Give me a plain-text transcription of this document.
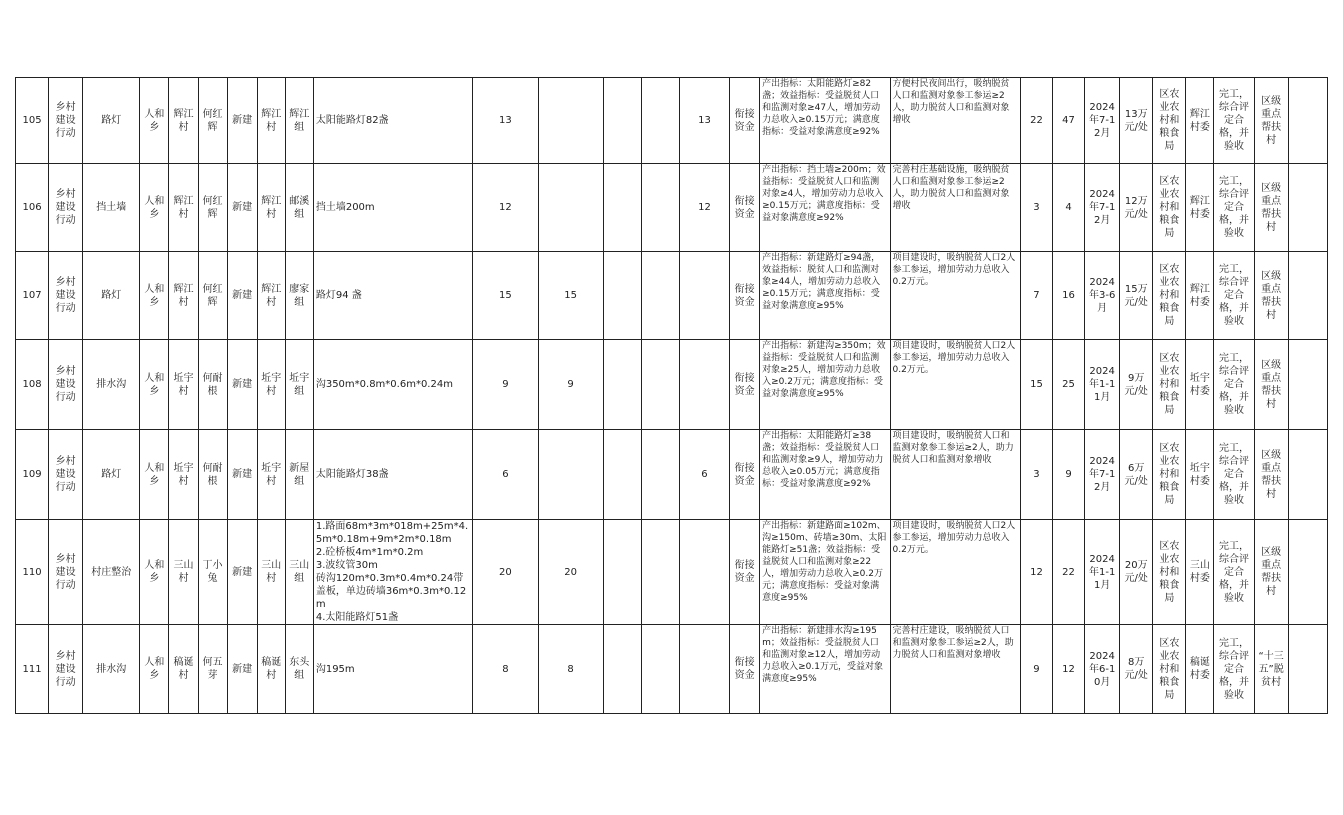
105	乡村建设行动	路灯	人和乡	辉江村	何红辉	新建	辉江村	辉江组	太阳能路灯82盏	13				13	衔接资金	产出指标：太阳能路灯≥82盏；效益指标：受益脱贫人口和监测对象≥47人，增加劳动力总收入≥0.15万元；满意度指标：受益对象满意度≥92%	方便村民夜间出行，吸纳脱贫人口和监测对象参工参运≥2人，助力脱贫人口和监测对象增收	22	47	2024年7-12月	13万元/处	区农业农村和粮食局	辉江村委	完工，综合评定合格，并验收	区级重点帮扶村	
106	乡村建设行动	挡土墙	人和乡	辉江村	何红辉	新建	辉江村	邮溪组	挡土墙200m	12				12	衔接资金	产出指标：挡土墙≥200m；效益指标：受益脱贫人口和监测对象≥4人，增加劳动力总收入≥0.15万元；满意度指标：受益对象满意度≥92%	完善村庄基础设施，吸纳脱贫人口和监测对象参工参运≥2人，助力脱贫人口和监测对象增收	3	4	2024年7-12月	12万元/处	区农业农村和粮食局	辉江村委	完工，综合评定合格，并验收	区级重点帮扶村	
107	乡村建设行动	路灯	人和乡	辉江村	何红辉	新建	辉江村	廖家组	路灯94 盏	15	15				衔接资金	产出指标：新建路灯≥94盏，效益指标：脱贫人口和监测对象≥44人，增加劳动力总收入≥0.15万元；满意度指标：受益对象满意度≥95%	项目建设时，吸纳脱贫人口2人参工参运，增加劳动力总收入0.2万元。	7	16	2024年3-6月	15万元/处	区农业农村和粮食局	辉江村委	完工，综合评定合格，并验收	区级重点帮扶村	
108	乡村建设行动	排水沟	人和乡	坵宇村	何耐根	新建	坵宇村	坵宇组	沟350m*0.8m*0.6m*0.24m	9	9				衔接资金	产出指标：新建沟≥350m；效益指标：受益脱贫人口和监测对象≥25人，增加劳动力总收入≥0.2万元；满意度指标：受益对象满意度≥95%	项目建设时，吸纳脱贫人口2人参工参运，增加劳动力总收入0.2万元。	15	25	2024年1-11月	9万元/处	区农业农村和粮食局	坵宇村委	完工，综合评定合格，并验收	区级重点帮扶村	
109	乡村建设行动	路灯	人和乡	坵宇村	何耐根	新建	坵宇村	新屋组	太阳能路灯38盏	6				6	衔接资金	产出指标：太阳能路灯≥38盏；效益指标：受益脱贫人口和监测对象≥9人，增加劳动力总收入≥0.05万元；满意度指标：受益对象满意度≥92%	项目建设时，吸纳脱贫人口和监测对象参工参运≥2人，助力脱贫人口和监测对象增收	3	9	2024年7-12月	6万元/处	区农业农村和粮食局	坵宇村委	完工，综合评定合格，并验收	区级重点帮扶村	
110	乡村建设行动	村庄整治	人和乡	三山村	丁小兔	新建	三山村	三山组	1.路面68m*3m*018m+25m*4.5m*0.18m+9m*2m*0.18m
2.砼桥板4m*1m*0.2m
3.波纹管30m
砖沟120m*0.3m*0.4m*0.24带盖板，单边砖墙36m*0.3m*0.12m
4.太阳能路灯51盏	20	20				衔接资金	产出指标：新建路面≥102m、沟≥150m、砖墙≥30m、太阳能路灯≥51盏；效益指标：受益脱贫人口和监测对象≥22人，增加劳动力总收入≥0.2万元；满意度指标：受益对象满意度≥95%	项目建设时，吸纳脱贫人口2人参工参运，增加劳动力总收入0.2万元。	12	22	2024年1-11月	20万元/处	区农业农村和粮食局	三山村委	完工，综合评定合格，并验收	区级重点帮扶村	
111	乡村建设行动	排水沟	人和乡	稿诞村	何五芽	新建	稿诞村	东头组	沟195m	8	8				衔接资金	产出指标：新建排水沟≥195m；效益指标：受益脱贫人口和监测对象≥12人，增加劳动力总收入≥0.1万元，受益对象满意度≥95%	完善村庄建设，吸纳脱贫人口和监测对象参工参运≥2人，助力脱贫人口和监测对象增收	9	12	2024年6-10月	8万元/处	区农业农村和粮食局	稿诞村委	完工，综合评定合格，并验收	“十三五”脱贫村	
